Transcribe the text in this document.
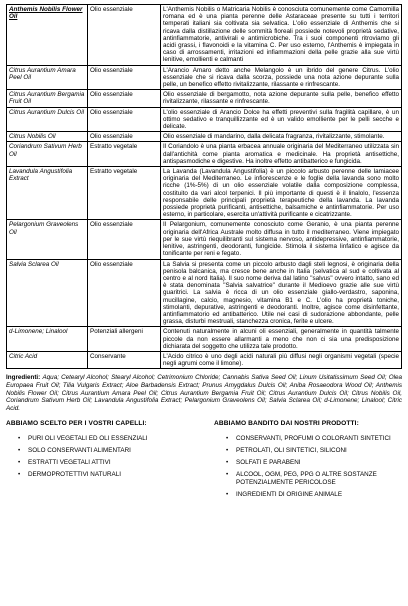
Anthemis Nobilis Flower Oil	Olio essenziale	L'Anthemis Nobilis o Matricaria Nobilis è conosciuta comunemente come Camomilla romana ed è una pianta perenne delle Astaraceae presente su tutti i territori temperati italiani sia coltivata sia selvatica. L'olio essenziale di Anthemis che si ricava dalla distillazione delle sommità floreali possiede notevoli proprietà sedative, antinfiammatorie, antivirali e antimicrobiche. Tra i suoi componenti ritroviamo gli acidi grassi, i flavonoidi e la vitamina C. Per uso esterno, l'Anthemis è impiegata in caso di arrossamenti, irritazioni ed infiammazioni della pelle grazie alla sue virtù lenitive, emollienti e calmanti
Citrus Aurantium Amara Peel Oil	Olio essenziale	L'Arancio Amaro detto anche Melangolo è un ibrido del genere Citrus. L'olio essenziale che si ricava dalla scorza, possiede una nota azione depurante sulla pelle, un benefico effetto rivitalizzante, rilassante e rinfrescante.
Citrus Aurantium Bergamia Fruit Oil	Olio essenziale	Olio essenziale di bergamotto, nota azione depurante sulla pelle, benefico effetto rivitalizzante, rilassante e rinfrescante.
Citrus Aurantium Dulcis Oil	Olio essenziale	L'olio essenziale di Arancio Dolce ha effetti preventivi sulla fragilità capillare, è un ottimo sedativo e tranquillizzante ed è un valido emolliente per le pelli secche e delicate.
Citrus Nobilis Oil	Olio essenziale	Olio essenziale di mandarino, dalla delicata fragranza, rivitalizzante, stimolante.
Coriandrum Sativum Herb Oil	Estratto vegetale	Il Coriandolo è una pianta erbacea annuale originaria del Mediterraneo utilizzata sin dall'antichità come pianta aromatica e medicinale. Ha proprietà antisettiche, antispasmodiche e digestive. Ha inoltre effetto antibatterico e fungicida.
Lavandula Angustifolia Extract	Estratto vegetale	La Lavanda (Lavandula Angustifolia) è un piccolo arbusto perenne delle lamiacee originaria del Mediterraneo. Le infiorescenze e le foglie della lavanda sono molto ricche (1%-5%) di un olio essenziale volatile dalla composizione complessa, costituito da vari alcol terpenici. Il più importante di questi è il linalolo, l'essenza responsabile delle principali proprietà terapeutiche della lavanda. La lavanda possiede proprietà purificanti, antisettiche, balsamiche e antinfiammatorie. Per uso esterno, in particolare, esercita un'attività purificante e cicatrizzante.
Pelargonium Graveolens Oil	Olio essenziale	Il Pelargonium, comunemente conosciuto come Geranio, è una pianta perenne originaria dell'Africa Australe molto diffusa in tutto il mediterraneo. Viene impiegato per le sue virtù riequilibranti sul sistema nervoso, antidepressive, antinfiammatorie, lenitive, astringenti, deodoranti, fungicide. Stimola il sistema linfatico e agisce da tonificante per reni e fegato.
Salvia Sclarea Oil	Olio essenziale	La Salvia si presenta come un piccolo arbusto dagli steli legnosi, è originaria della penisola balcanica, ma cresce bene anche in Italia (selvatica al sud e coltivata al centro e al nord Italia). Il suo nome deriva dal latino "salvus" ovvero intatto, sano ed è stata denominata "Salvia salvatrice" durante il Medioevo grazie alle sue virtù guaritrici. La salvia è ricca di un olio essenziale giallo-verdastro, saponina, mucillagine, calcio, magnesio, vitamina B1 e C. L'olio ha proprietà toniche, stimolanti, depurative, astringenti e deodoranti. Inoltre, agisce come disinfettante, antinfiammatorio ed antibatterico. Utile nei casi di sudorazione abbondante, pelle grassa, disturbi mestruali, stanchezza cronica, ferite e ulcere.
d-Limonene; Linalool	Potenziali allergeni	Contenuti naturalmente in alcuni oli essenziali, generalmente in quantità talmente piccole da non essere allarmanti a meno che non ci sia una predisposizione dichiarata del soggetto che utilizza tale prodotto.
Citric Acid	Conservante	L'Acido citrico è uno degli acidi naturali più diffusi negli organismi vegetali (specie negli agrumi come il limone).
Ingredienti: Aqua; Cetearyl Alcohol; Stearyl Alcohol; Cetrimonium Chloride; Cannabis Sativa Seed Oil; Linum Usitatissimum Seed Oil; Olea Europaea Fruit Oil; Tilia Vulgaris Extract; Aloe Barbadensis Extract; Prunus Amygdalus Dulcis Oil; Aniba Rosaeodora Wood Oil; Anthemis Nobilis Flower Oil; Citrus Aurantium Amara Peel Oil; Citrus Aurantium Bergamia Fruit Oil; Citrus Aurantium Dulcis Oil; Citrus Nobilis Oil, Coriandrum Sativum Herb Oil; Lavandula Angustifolia Extract; Pelargonium Graveolens Oil; Salvia Sclarea Oil; d-Limonene; Linalool; Citric Acid.
ABBIAMO SCELTO PER I VOSTRI CAPELLI:
• PURI OLI VEGETALI ED OLI ESSENZIALI
• SOLO CONSERVANTI ALIMENTARI
• ESTRATTI VEGETALI ATTIVI
• DERMOPROTETTIVI NATURALI
ABBIAMO BANDITO DAI NOSTRI PRODOTTI:
• CONSERVANTI, PROFUMI O COLORANTI SINTETICI
• PETROLATI, OLI SINTETICI, SILICONI
• SOLFATI E PARABENI
• ALCOOL, OGM, PEG, PPG O ALTRE SOSTANZE POTENZIALMENTE PERICOLOSE
• INGREDIENTI DI ORIGINE ANIMALE
